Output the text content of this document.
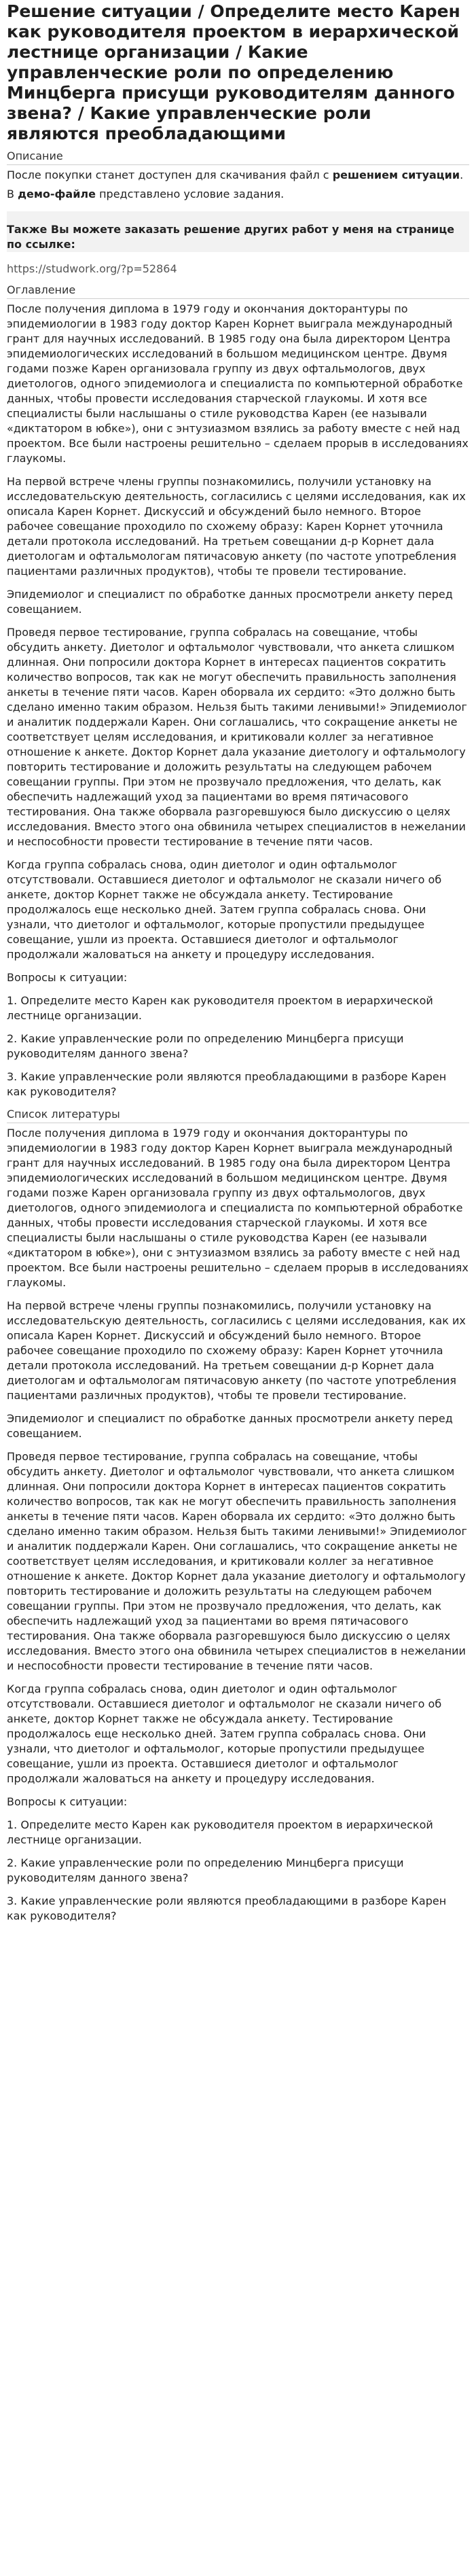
Решение ситуации / Определите место Карен как руководителя проектом в иерархической лестнице организации / Какие управленческие роли по определению Минцберга присущи руководителям данного звена? / Какие управленческие роли являются преобладающими
Описание

После покупки станет доступен для скачивания файл с решением ситуации.

В демо-файле представлено условие задания.

Также Вы можете заказать решение других работ у меня на странице по ссылке:
https://studwork.org/?p=52864
Оглавление

После получения диплома в 1979 году и окончания докторантуры по эпидемиологии в 1983 году доктор Карен Корнет выиграла международный грант для научных исследований. В 1985 году она была директором Центра эпидемиологических исследований в большом медицинском центре. Двумя годами позже Карен организовала группу из двух офтальмологов, двух диетологов, одного эпидемиолога и специалиста по компьютерной обработке данных, чтобы провести исследования старческой глаукомы. И хотя все специалисты были наслышаны о стиле руководства Карен (ее называли «диктатором в юбке»), они с энтузиазмом взялись за работу вместе с ней над проектом. Все были настроены решительно – сделаем прорыв в исследованиях глаукомы.

На первой встрече члены группы познакомились, получили установку на исследовательскую деятельность, согласились с целями исследования, как их описала Карен Корнет. Дискуссий и обсуждений было немного. Второе рабочее совещание проходило по схожему образу: Карен Корнет уточнила детали протокола исследований. На третьем совещании д-р Корнет дала диетологам и офтальмологам пятичасовую анкету (по частоте употребления пациентами различных продуктов), чтобы те провели тестирование.

Эпидемиолог и специалист по обработке данных просмотрели анкету перед совещанием.

Проведя первое тестирование, группа собралась на совещание, чтобы обсудить анкету. Диетолог и офтальмолог чувствовали, что анкета слишком длинная. Они попросили доктора Корнет в интересах пациентов сократить количество вопросов, так как не могут обеспечить правильность заполнения анкеты в течение пяти часов. Карен оборвала их сердито: «Это должно быть сделано именно таким образом. Нельзя быть такими ленивыми!» Эпидемиолог и аналитик поддержали Карен. Они соглашались, что сокращение анкеты не соответствует целям исследования, и критиковали коллег за негативное отношение к анкете. Доктор Корнет дала указание диетологу и офтальмологу повторить тестирование и доложить результаты на следующем рабочем совещании группы. При этом не прозвучало предложения, что делать, как обеспечить надлежащий уход за пациентами во время пятичасового тестирования. Она также оборвала разгоревшуюся было дискуссию о целях исследования. Вместо этого она обвинила четырех специалистов в нежелании и неспособности провести тестирование в течение пяти часов.

Когда группа собралась снова, один диетолог и один офтальмолог отсутствовали. Оставшиеся диетолог и офтальмолог не сказали ничего об анкете, доктор Корнет также не обсуждала анкету. Тестирование продолжалось еще несколько дней. Затем группа собралась снова. Они узнали, что диетолог и офтальмолог, которые пропустили предыдущее совещание, ушли из проекта. Оставшиеся диетолог и офтальмолог продолжали жаловаться на анкету и процедуру исследования.

Вопросы к ситуации:

1. Определите место Карен как руководителя проектом в иерархической лестнице организации.

2. Какие управленческие роли по определению Минцберга присущи руководителям данного звена?

3. Какие управленческие роли являются преобладающими в разборе Карен как руководителя?

Список литературы

После получения диплома в 1979 году и окончания докторантуры по эпидемиологии в 1983 году доктор Карен Корнет выиграла международный грант для научных исследований. В 1985 году она была директором Центра эпидемиологических исследований в большом медицинском центре. Двумя годами позже Карен организовала группу из двух офтальмологов, двух диетологов, одного эпидемиолога и специалиста по компьютерной обработке данных, чтобы провести исследования старческой глаукомы. И хотя все специалисты были наслышаны о стиле руководства Карен (ее называли «диктатором в юбке»), они с энтузиазмом взялись за работу вместе с ней над проектом. Все были настроены решительно – сделаем прорыв в исследованиях глаукомы.

На первой встрече члены группы познакомились, получили установку на исследовательскую деятельность, согласились с целями исследования, как их описала Карен Корнет. Дискуссий и обсуждений было немного. Второе рабочее совещание проходило по схожему образу: Карен Корнет уточнила детали протокола исследований. На третьем совещании д-р Корнет дала диетологам и офтальмологам пятичасовую анкету (по частоте употребления пациентами различных продуктов), чтобы те провели тестирование.

Эпидемиолог и специалист по обработке данных просмотрели анкету перед совещанием.

Проведя первое тестирование, группа собралась на совещание, чтобы обсудить анкету. Диетолог и офтальмолог чувствовали, что анкета слишком длинная. Они попросили доктора Корнет в интересах пациентов сократить количество вопросов, так как не могут обеспечить правильность заполнения анкеты в течение пяти часов. Карен оборвала их сердито: «Это должно быть сделано именно таким образом. Нельзя быть такими ленивыми!» Эпидемиолог и аналитик поддержали Карен. Они соглашались, что сокращение анкеты не соответствует целям исследования, и критиковали коллег за негативное отношение к анкете. Доктор Корнет дала указание диетологу и офтальмологу повторить тестирование и доложить результаты на следующем рабочем совещании группы. При этом не прозвучало предложения, что делать, как обеспечить надлежащий уход за пациентами во время пятичасового тестирования. Она также оборвала разгоревшуюся было дискуссию о целях исследования. Вместо этого она обвинила четырех специалистов в нежелании и неспособности провести тестирование в течение пяти часов.

Когда группа собралась снова, один диетолог и один офтальмолог отсутствовали. Оставшиеся диетолог и офтальмолог не сказали ничего об анкете, доктор Корнет также не обсуждала анкету. Тестирование продолжалось еще несколько дней. Затем группа собралась снова. Они узнали, что диетолог и офтальмолог, которые пропустили предыдущее совещание, ушли из проекта. Оставшиеся диетолог и офтальмолог продолжали жаловаться на анкету и процедуру исследования.

Вопросы к ситуации:

1. Определите место Карен как руководителя проектом в иерархической лестнице организации.

2. Какие управленческие роли по определению Минцберга присущи руководителям данного звена?

3. Какие управленческие роли являются преобладающими в разборе Карен как руководителя?
